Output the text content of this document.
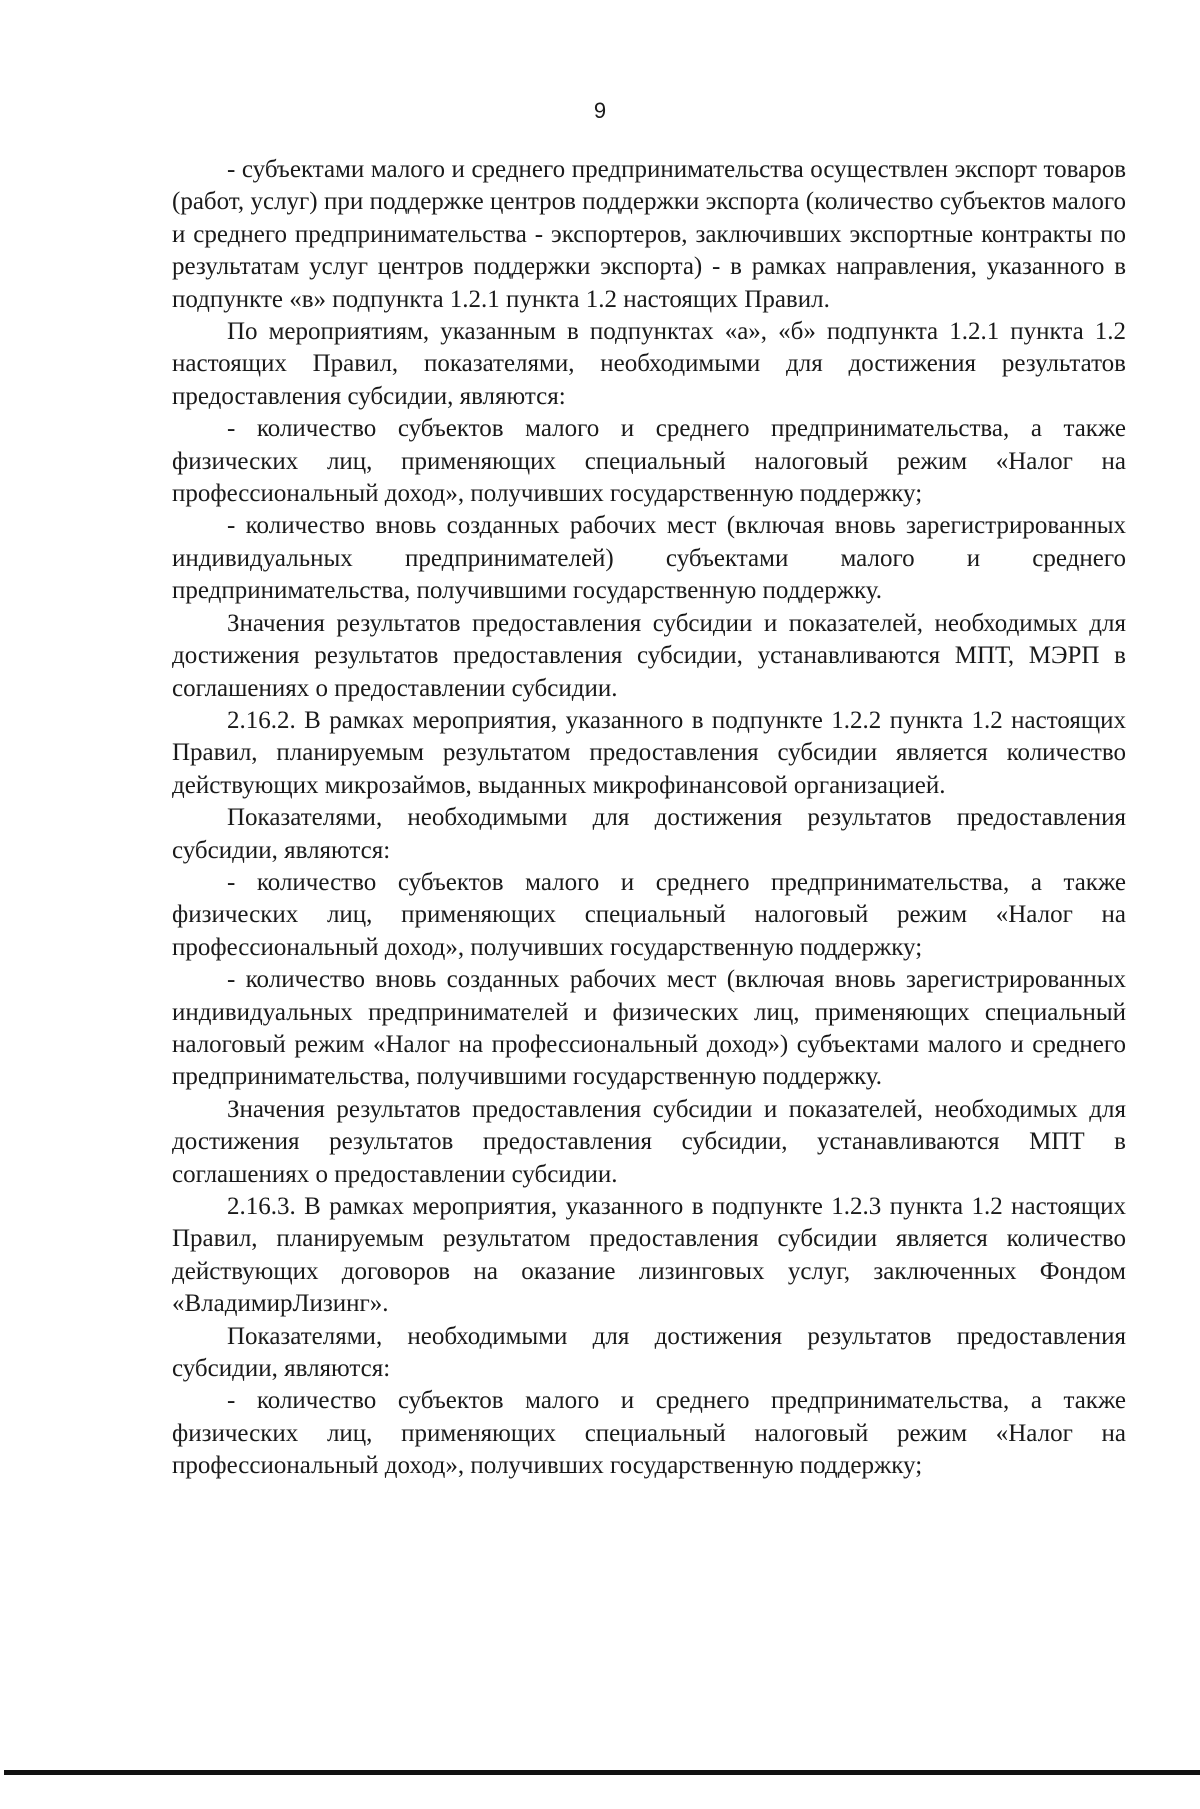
9

- субъектами малого и среднего предпринимательства осуществлен экспорт товаров (работ, услуг) при поддержке центров поддержки экспорта (количество субъектов малого и среднего предпринимательства - экспортеров, заключивших экспортные контракты по результатам услуг центров поддержки экспорта) - в рамках направления, указанного в подпункте «в» подпункта 1.2.1 пункта 1.2 настоящих Правил.

По мероприятиям, указанным в подпунктах «а», «б» подпункта 1.2.1 пункта 1.2 настоящих Правил, показателями, необходимыми для достижения результатов предоставления субсидии, являются:

- количество субъектов малого и среднего предпринимательства, а также физических лиц, применяющих специальный налоговый режим «Налог на профессиональный доход», получивших государственную поддержку;

- количество вновь созданных рабочих мест (включая вновь зарегистрированных индивидуальных предпринимателей) субъектами малого и среднего предпринимательства, получившими государственную поддержку.

Значения результатов предоставления субсидии и показателей, необходимых для достижения результатов предоставления субсидии, устанавливаются МПТ, МЭРП в соглашениях о предоставлении субсидии.

2.16.2. В рамках мероприятия, указанного в подпункте 1.2.2 пункта 1.2 настоящих Правил, планируемым результатом предоставления субсидии является количество действующих микрозаймов, выданных микрофинансовой организацией.

Показателями, необходимыми для достижения результатов предоставления субсидии, являются:

- количество субъектов малого и среднего предпринимательства, а также физических лиц, применяющих специальный налоговый режим «Налог на профессиональный доход», получивших государственную поддержку;

- количество вновь созданных рабочих мест (включая вновь зарегистрированных индивидуальных предпринимателей и физических лиц, применяющих специальный налоговый режим «Налог на профессиональный доход») субъектами малого и среднего предпринимательства, получившими государственную поддержку.

Значения результатов предоставления субсидии и показателей, необходимых для достижения результатов предоставления субсидии, устанавливаются МПТ в соглашениях о предоставлении субсидии.

2.16.3. В рамках мероприятия, указанного в подпункте 1.2.3 пункта 1.2 настоящих Правил, планируемым результатом предоставления субсидии является количество действующих договоров на оказание лизинговых услуг, заключенных Фондом «ВладимирЛизинг».

Показателями, необходимыми для достижения результатов предоставления субсидии, являются:

- количество субъектов малого и среднего предпринимательства, а также физических лиц, применяющих специальный налоговый режим «Налог на профессиональный доход», получивших государственную поддержку;
